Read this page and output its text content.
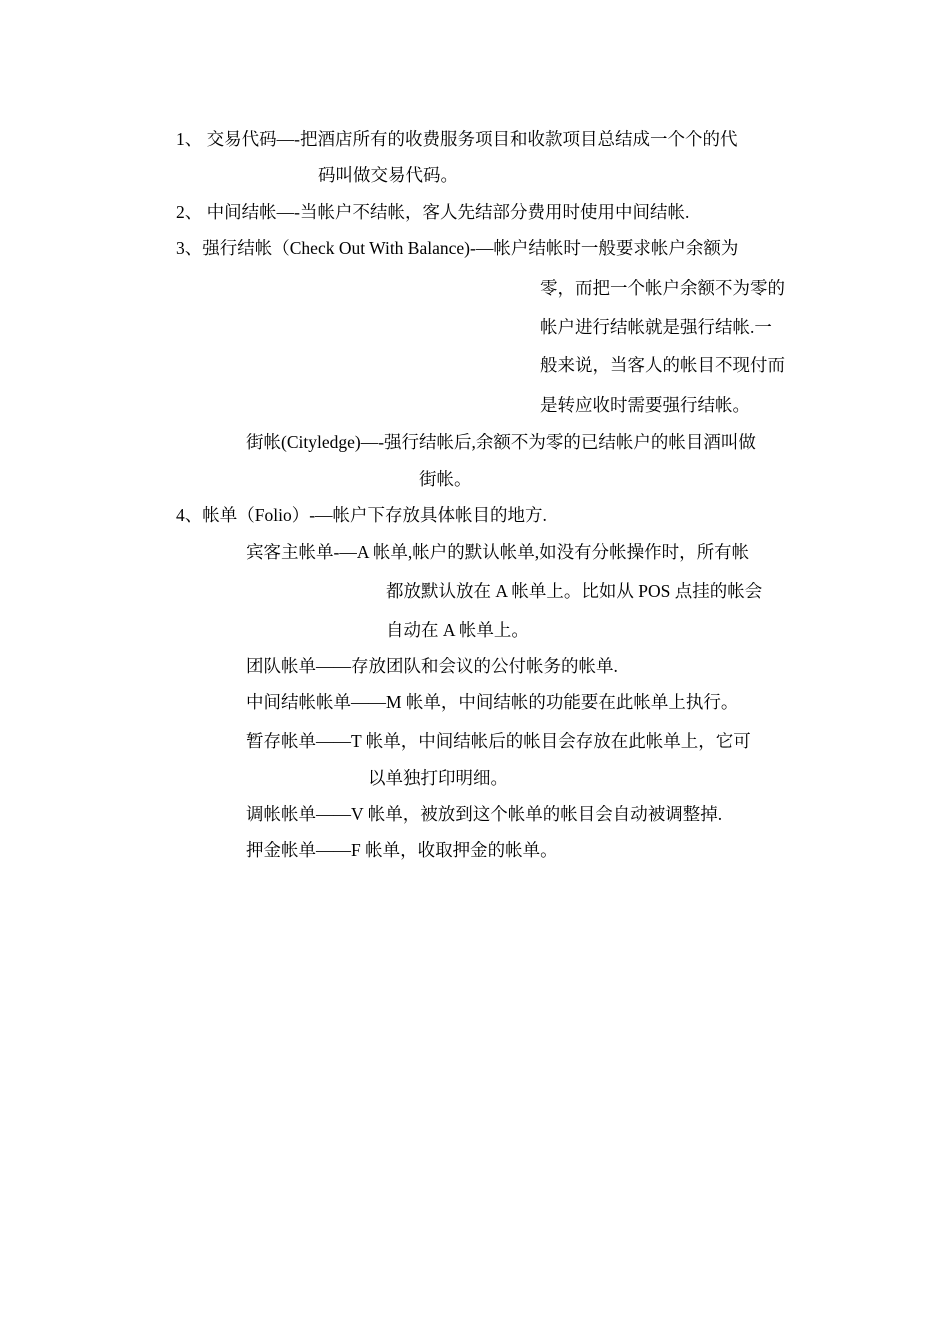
1、 交易代码—-把酒店所有的收费服务项目和收款项目总结成一个个的代
码叫做交易代码。
2、 中间结帐—-当帐户不结帐，客人先结部分费用时使用中间结帐.
3、强行结帐（Check Out With Balance)-—帐户结帐时一般要求帐户余额为
零，而把一个帐户余额不为零的
帐户进行结帐就是强行结帐.一
般来说，当客人的帐目不现付而
是转应收时需要强行结帐。
街帐(Cityledge)—-强行结帐后,余额不为零的已结帐户的帐目酒叫做
街帐。
4、帐单（Folio）-—帐户下存放具体帐目的地方.
宾客主帐单-—A 帐单,帐户的默认帐单,如没有分帐操作时，所有帐
都放默认放在 A 帐单上。比如从 POS 点挂的帐会
自动在 A 帐单上。
团队帐单——存放团队和会议的公付帐务的帐单.
中间结帐帐单——M 帐单，中间结帐的功能要在此帐单上执行。
暂存帐单——T 帐单，中间结帐后的帐目会存放在此帐单上，它可
以单独打印明细。
调帐帐单——V 帐单，被放到这个帐单的帐目会自动被调整掉.
押金帐单——F 帐单，收取押金的帐单。
